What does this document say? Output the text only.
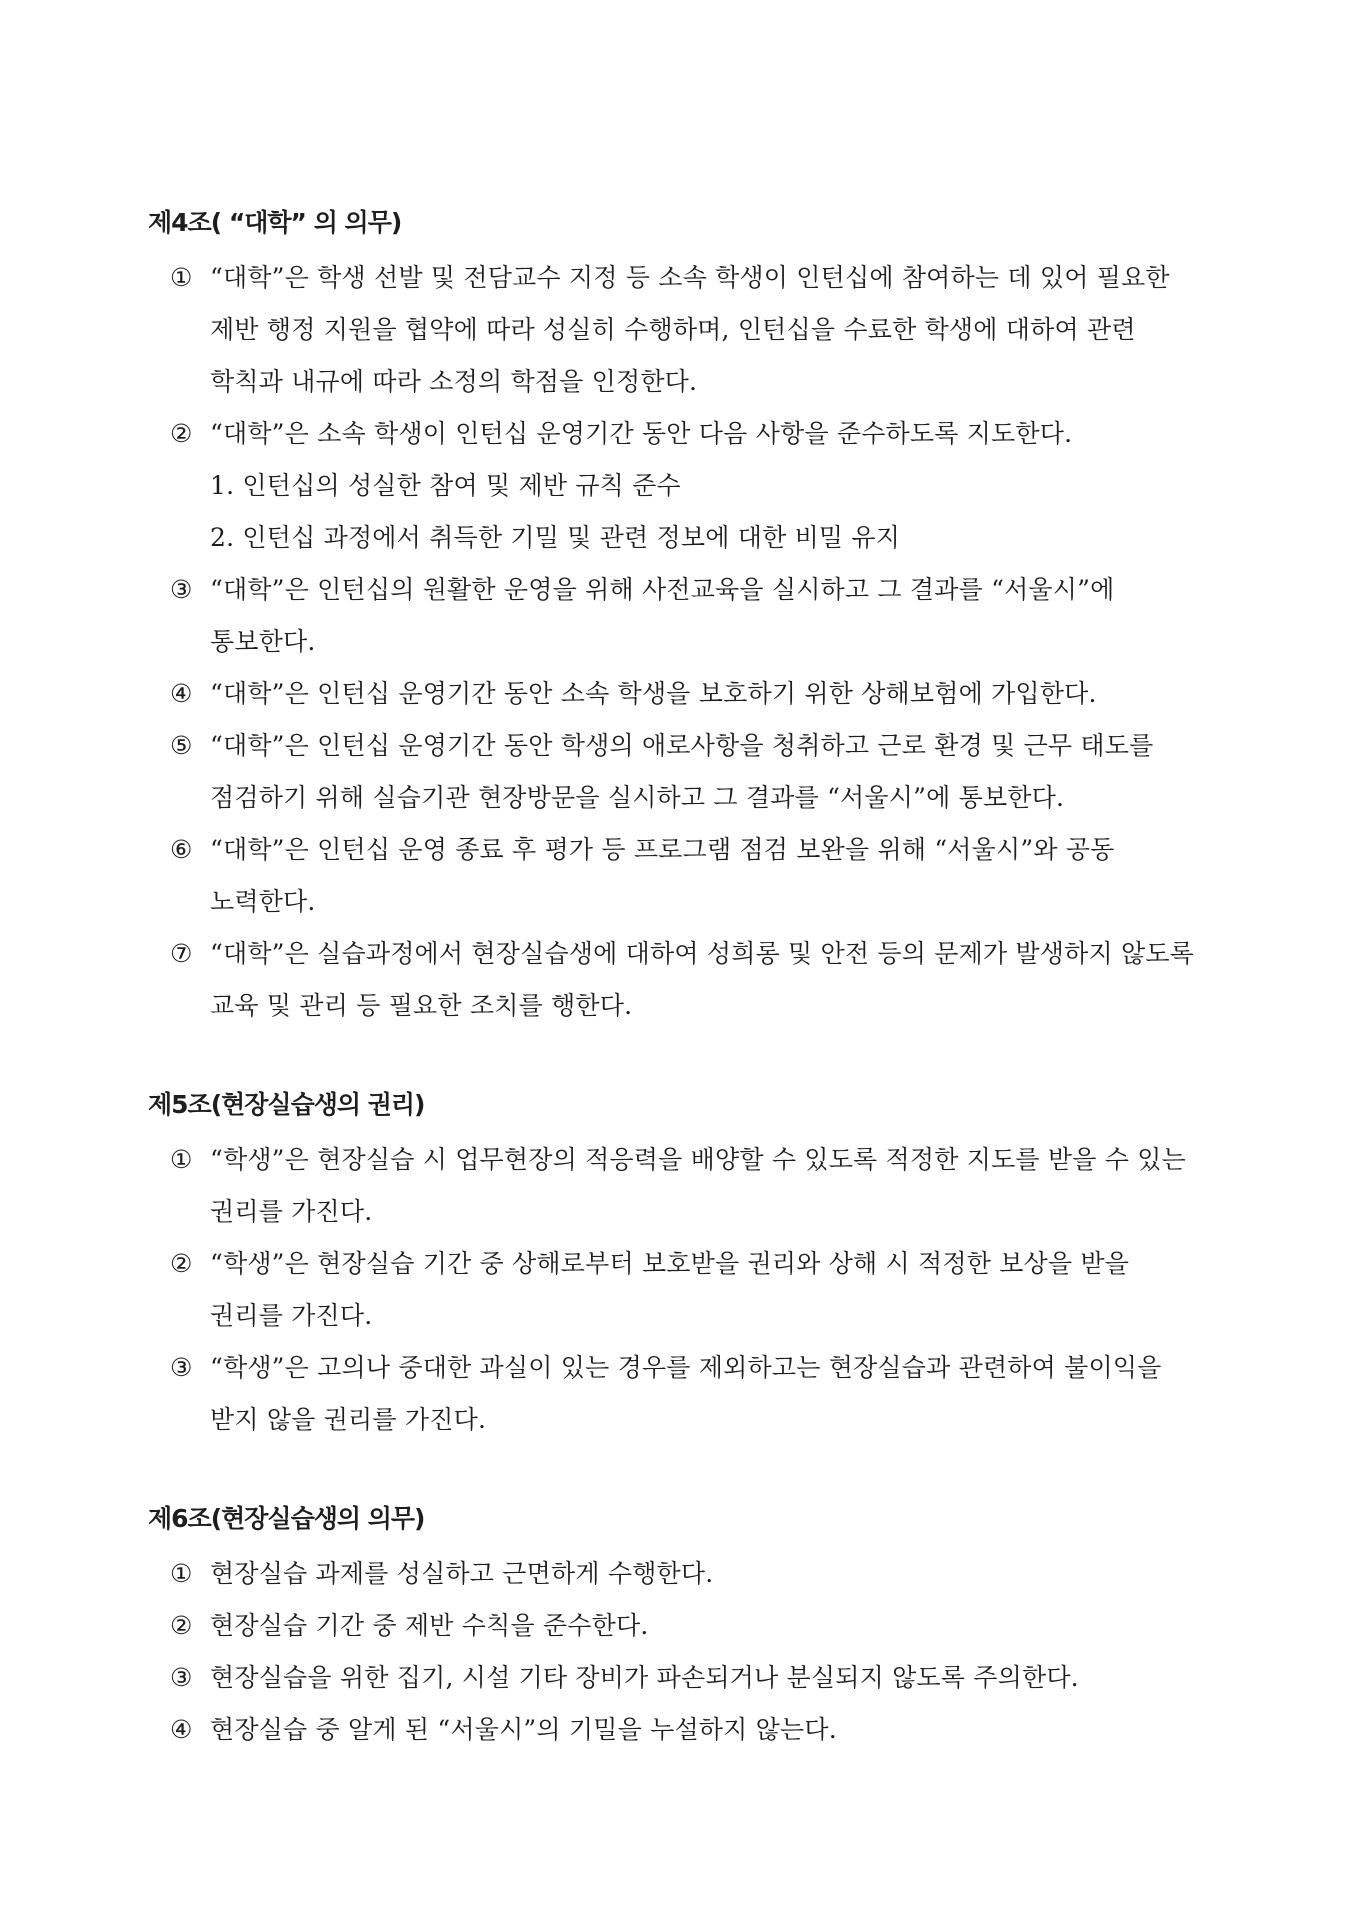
제4조( “대학” 의 의무)

① “대학”은 학생 선발 및 전담교수 지정 등 소속 학생이 인턴십에 참여하는 데 있어 필요한 제반 행정 지원을 협약에 따라 성실히 수행하며, 인턴십을 수료한 학생에 대하여 관련 학칙과 내규에 따라 소정의 학점을 인정한다.

② “대학”은 소속 학생이 인턴십 운영기간 동안 다음 사항을 준수하도록 지도한다.

1. 인턴십의 성실한 참여 및 제반 규칙 준수

2. 인턴십 과정에서 취득한 기밀 및 관련 정보에 대한 비밀 유지

③ “대학”은 인턴십의 원활한 운영을 위해 사전교육을 실시하고 그 결과를 “서울시”에 통보한다.

④ “대학”은 인턴십 운영기간 동안 소속 학생을 보호하기 위한 상해보험에 가입한다.

⑤ “대학”은 인턴십 운영기간 동안 학생의 애로사항을 청취하고 근로 환경 및 근무 태도를 점검하기 위해 실습기관 현장방문을 실시하고 그 결과를 “서울시”에 통보한다.

⑥ “대학”은 인턴십 운영 종료 후 평가 등 프로그램 점검 보완을 위해 “서울시”와 공동 노력한다.

⑦ “대학”은 실습과정에서 현장실습생에 대하여 성희롱 및 안전 등의 문제가 발생하지 않도록 교육 및 관리 등 필요한 조치를 행한다.

제5조(현장실습생의 권리)

① “학생”은 현장실습 시 업무현장의 적응력을 배양할 수 있도록 적정한 지도를 받을 수 있는 권리를 가진다.

② “학생”은 현장실습 기간 중 상해로부터 보호받을 권리와 상해 시 적정한 보상을 받을 권리를 가진다.

③ “학생”은 고의나 중대한 과실이 있는 경우를 제외하고는 현장실습과 관련하여 불이익을 받지 않을 권리를 가진다.

제6조(현장실습생의 의무)

① 현장실습 과제를 성실하고 근면하게 수행한다.

② 현장실습 기간 중 제반 수칙을 준수한다.

③ 현장실습을 위한 집기, 시설 기타 장비가 파손되거나 분실되지 않도록 주의한다.

④ 현장실습 중 알게 된 “서울시”의 기밀을 누설하지 않는다.
